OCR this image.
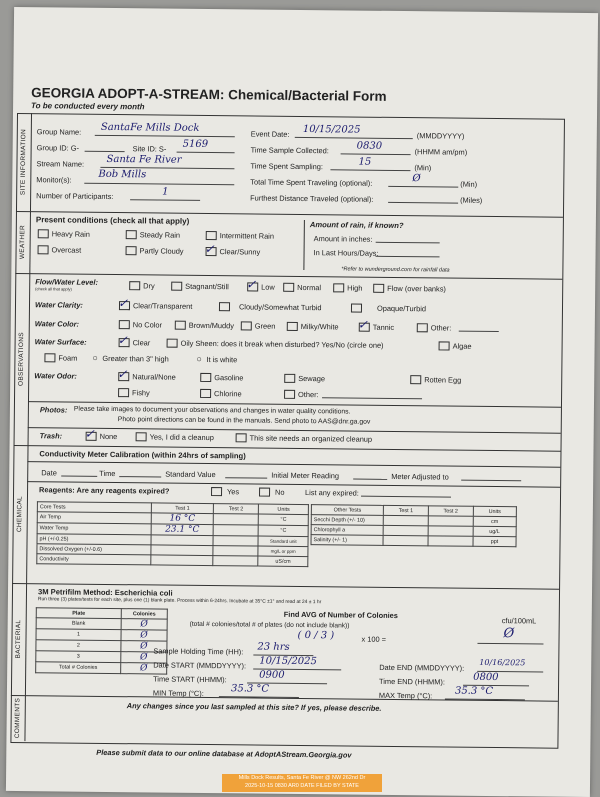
GEORGIA ADOPT-A-STREAM: Chemical/Bacterial Form
To be conducted every month
SITE INFORMATION
WEATHER
OBSERVATIONS
CHEMICAL
BACTERIAL
COMMENTS
Group Name: SantaFe Mills Dock
Group ID: G-	Site ID: S- 5169
Stream Name: Santa Fe River
Monitor(s):	Bob Mills
Number of Participants:	1
Event Date: 10/15/2025
(MMDDYYYY)
Time Sample Collected:	0830
(HHMM am/pm)
Time Spent Sampling:	15
(Min)
Total Time Spent Traveling (optional):	Ø
(Min)
Furthest Distance Traveled (optional):	(Miles)
Present conditions (check all that apply)
Heavy Rain	Steady Rain	Intermittent Rain
Overcast	Partly Cloudy ✓ Clear/Sunny
Amount of rain, if known?
Amount in inches:
In Last Hours/Days:
*Refer to wunderground.com for rainfall data
Flow/Water Level:
(check all that apply)	Dry	Stagnant/Still ✓ Low	Normal	High	Flow (over banks)
Water Clarity:	✓ Clear/Transparent	Cloudy/Somewhat Turbid	Opaque/Turbid
Water Color:	No Color	Brown/Muddy	Green	Milky/White ✓ Tannic	Other:
Water Surface:	✓ Clear	Oily Sheen: does it break when disturbed? Yes/No (circle one)	Algae
Foam ○ Greater than 3" high	○ It is white
Water Odor:	✓ Natural/None	Gasoline	Sewage	Rotten Egg
Fishy	Chlorine	Other:
Photos: Please take images to document your observations and changes in water quality conditions.
Photo point directions can be found in the manuals. Send photo to AAS@dnr.ga.gov
Trash: ✓ None	Yes, I did a cleanup	This site needs an organized cleanup
Conductivity Meter Calibration (within 24hrs of sampling)
Date	Time	Standard Value	Initial Meter Reading	Meter Adjusted to
Reagents: Are any reagents expired?	Yes	No	List any expired:
Core Tests	Test 1	Test 2	Units
Air Temp	16 °C		°C
Water Temp	23.1 °C		°C
pH (+/-0.25)			Standard unit
Dissolved Oxygen (+/-0.6)			mg/L or ppm
Conductivity			uS/cm
Other Tests	Test 1	Test 2	Units
Secchi Depth (+/- 10)			cm
Chlorophyll a			ug/L
Salinity (+/- 1)			ppt
3M Petrifilm Method: Escherichia coli
Run three (3) plates/tests for each site, plus one (1) blank plate. Process within 6-24hrs. Incubate at 35°C ±1° and read at 24 ± 1 hr
Plate	Colonies
Blank	Ø
1	Ø
2	Ø
3	Ø
Total # Colonies	Ø
Find AVG of Number of Colonies
(total # colonies/total # of plates (do not include blank))
( 0 / 3 )	x 100 =
cfu/100mL
Ø
Sample Holding Time (HH): 23 hrs
Date START (MMDDYYYY): 10/15/2025
Time START (HHMM):	0900
MIN Temp (°C):	35.3 °C
Date END (MMDDYYYY):
10/16/2025
Time END (HHMM):	0800
MAX Temp (°C): 35.3 °C
Any changes since you last sampled at this site? If yes, please describe.
Please submit data to our online database at AdoptAStream.Georgia.gov
Mills Dock Results, Santa Fe River @ NW 262nd Dr
2025-10-15 0830 AR0 DATE FILED BY STATE
